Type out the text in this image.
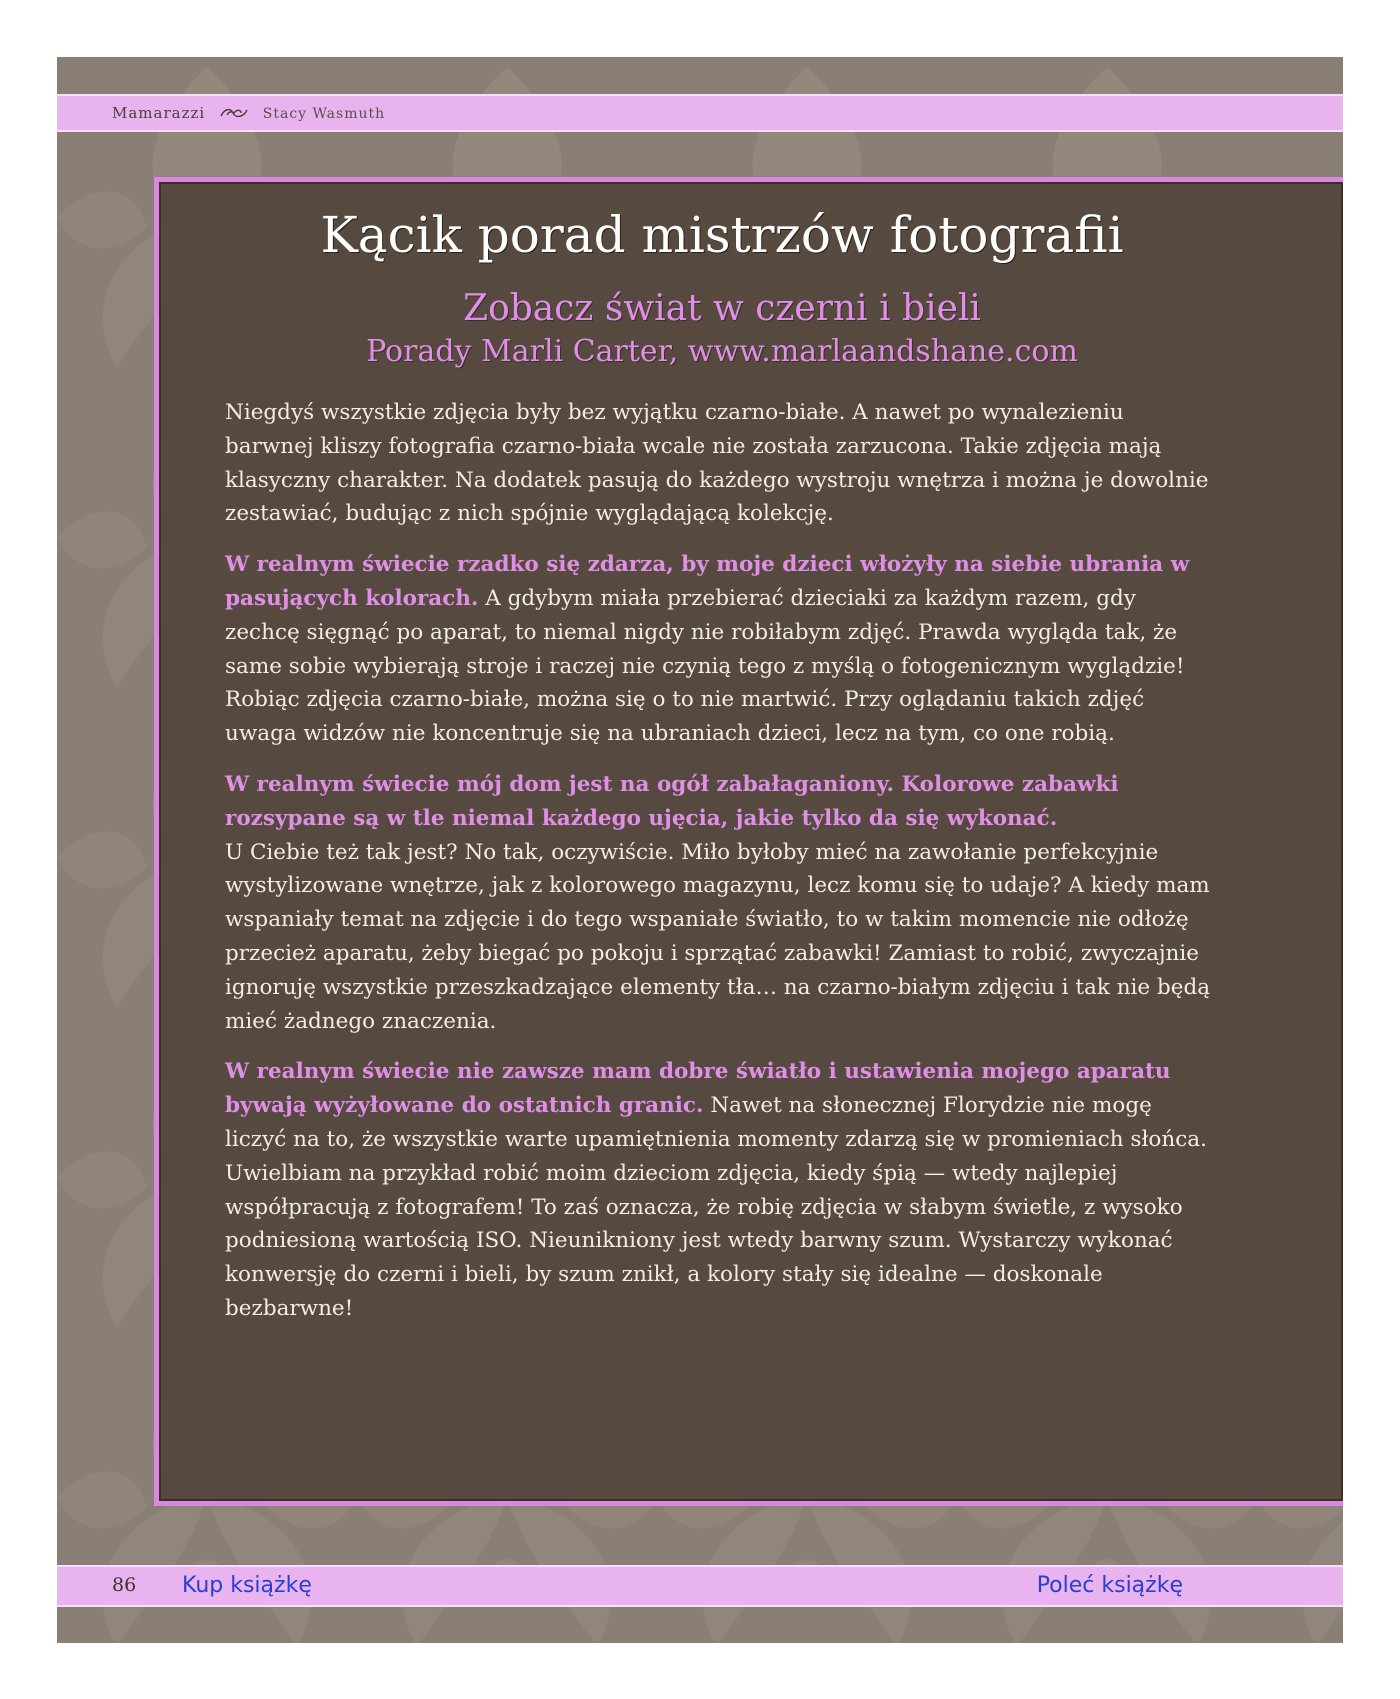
Mamarazzi	Stacy Wasmuth
Kącik porad mistrzów fotografii
Zobacz świat w czerni i bieli
Porady Marli Carter, www.marlaandshane.com

Niegdyś wszystkie zdjęcia były bez wyjątku czarno-białe. A nawet po wynalezieniu barwnej kliszy fotografia czarno-biała wcale nie została zarzucona. Takie zdjęcia mają klasyczny charakter. Na dodatek pasują do każdego wystroju wnętrza i można je dowolnie zestawiać, budując z nich spójnie wyglądającą kolekcję.

W realnym świecie rzadko się zdarza, by moje dzieci włożyły na siebie ubrania w pasujących kolorach. A gdybym miała przebierać dzieciaki za każdym razem, gdy zechcę sięgnąć po aparat, to niemal nigdy nie robiłabym zdjęć. Prawda wygląda tak, że same sobie wybierają stroje i raczej nie czynią tego z myślą o fotogenicznym wyglądzie! Robiąc zdjęcia czarno-białe, można się o to nie martwić. Przy oglądaniu takich zdjęć uwaga widzów nie koncentruje się na ubraniach dzieci, lecz na tym, co one robią.

W realnym świecie mój dom jest na ogół zabałaganiony. Kolorowe zabawki rozsypane są w tle niemal każdego ujęcia, jakie tylko da się wykonać.
U Ciebie też tak jest? No tak, oczywiście. Miło byłoby mieć na zawołanie perfekcyjnie wystylizowane wnętrze, jak z kolorowego magazynu, lecz komu się to udaje? A kiedy mam wspaniały temat na zdjęcie i do tego wspaniałe światło, to w takim momencie nie odłożę przecież aparatu, żeby biegać po pokoju i sprzątać zabawki! Zamiast to robić, zwyczajnie ignoruję wszystkie przeszkadzające elementy tła… na czarno-białym zdjęciu i tak nie będą mieć żadnego znaczenia.

W realnym świecie nie zawsze mam dobre światło i ustawienia mojego aparatu bywają wyżyłowane do ostatnich granic. Nawet na słonecznej Florydzie nie mogę liczyć na to, że wszystkie warte upamiętnienia momenty zdarzą się w promieniach słońca. Uwielbiam na przykład robić moim dzieciom zdjęcia, kiedy śpią — wtedy najlepiej współpracują z fotografem! To zaś oznacza, że robię zdjęcia w słabym świetle, z wysoko podniesioną wartością ISO. Nieunikniony jest wtedy barwny szum. Wystarczy wykonać konwersję do czerni i bieli, by szum znikł, a kolory stały się idealne — doskonale bezbarwne!

86 Kup książkę	Poleć książkę
